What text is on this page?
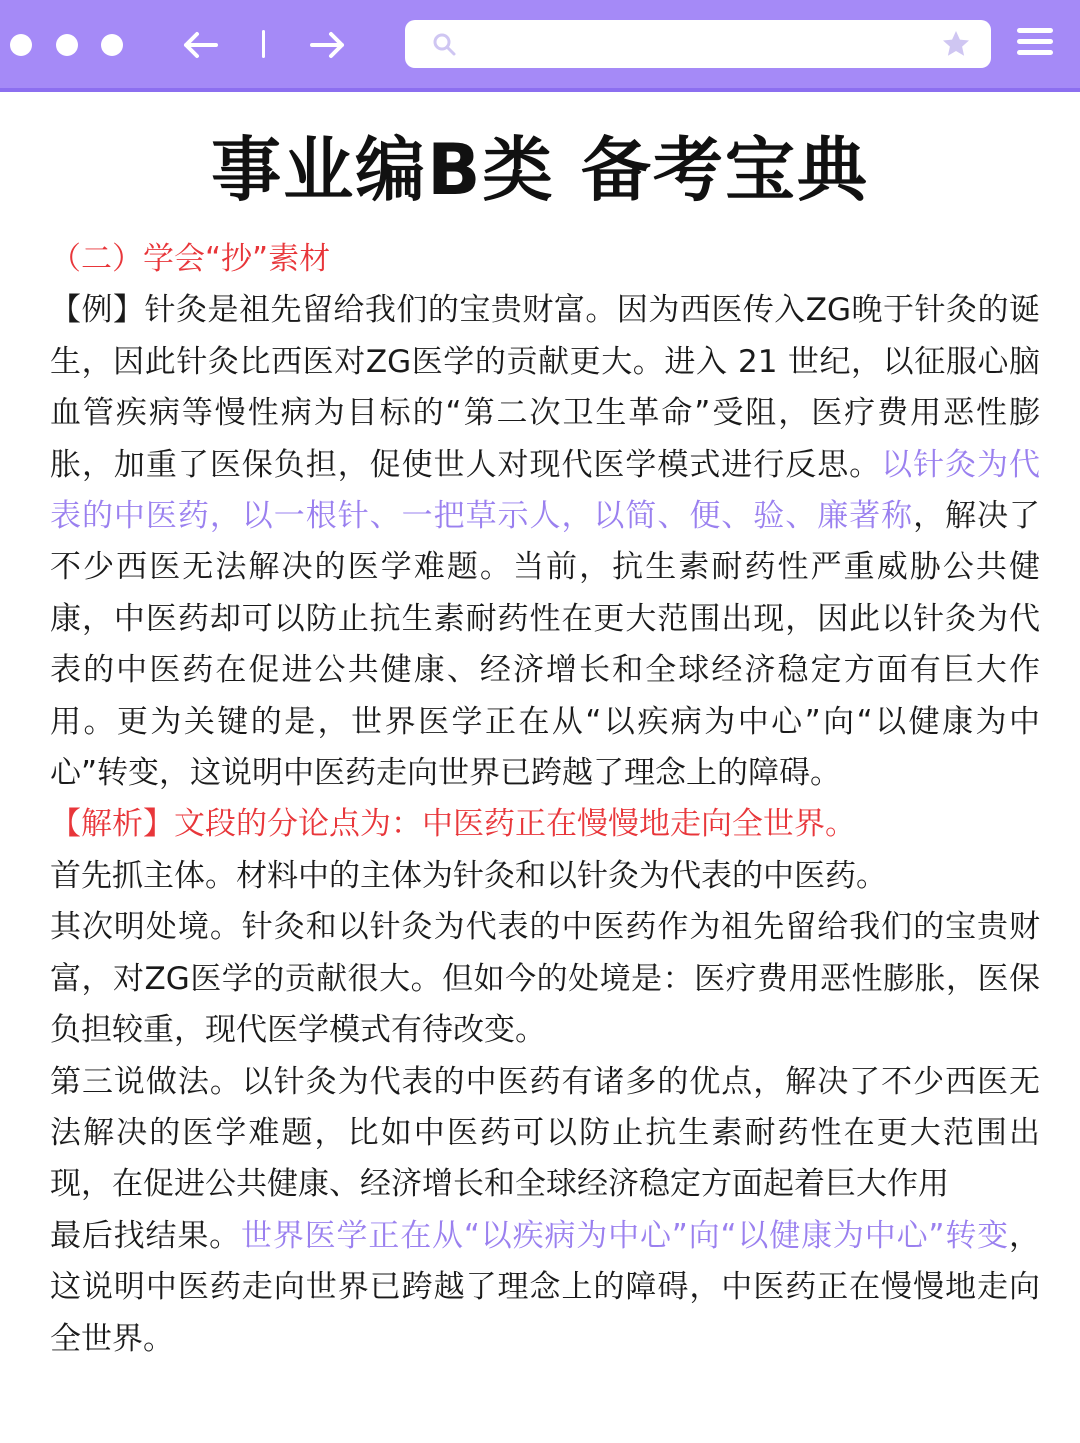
事业编B类 备考宝典

（二）学会“抄”素材

【例】针灸是祖先留给我们的宝贵财富。因为西医传入ZG晚于针灸的诞生，因此针灸比西医对ZG医学的贡献更大。进入 21 世纪，以征服心脑血管疾病等慢性病为目标的“第二次卫生革命”受阻，医疗费用恶性膨胀，加重了医保负担，促使世人对现代医学模式进行反思。以针灸为代表的中医药，以一根针、一把草示人，以简、便、验、廉著称，解决了不少西医无法解决的医学难题。当前，抗生素耐药性严重威胁公共健康，中医药却可以防止抗生素耐药性在更大范围出现，因此以针灸为代表的中医药在促进公共健康、经济增长和全球经济稳定方面有巨大作用。更为关键的是，世界医学正在从“以疾病为中心”向“以健康为中心”转变，这说明中医药走向世界已跨越了理念上的障碍。

【解析】文段的分论点为：中医药正在慢慢地走向全世界。

首先抓主体。材料中的主体为针灸和以针灸为代表的中医药。

其次明处境。针灸和以针灸为代表的中医药作为祖先留给我们的宝贵财富，对ZG医学的贡献很大。但如今的处境是：医疗费用恶性膨胀，医保负担较重，现代医学模式有待改变。

第三说做法。以针灸为代表的中医药有诸多的优点，解决了不少西医无法解决的医学难题，比如中医药可以防止抗生素耐药性在更大范围出现，在促进公共健康、经济增长和全球经济稳定方面起着巨大作用

最后找结果。世界医学正在从“以疾病为中心”向“以健康为中心”转变，这说明中医药走向世界已跨越了理念上的障碍，中医药正在慢慢地走向全世界。
